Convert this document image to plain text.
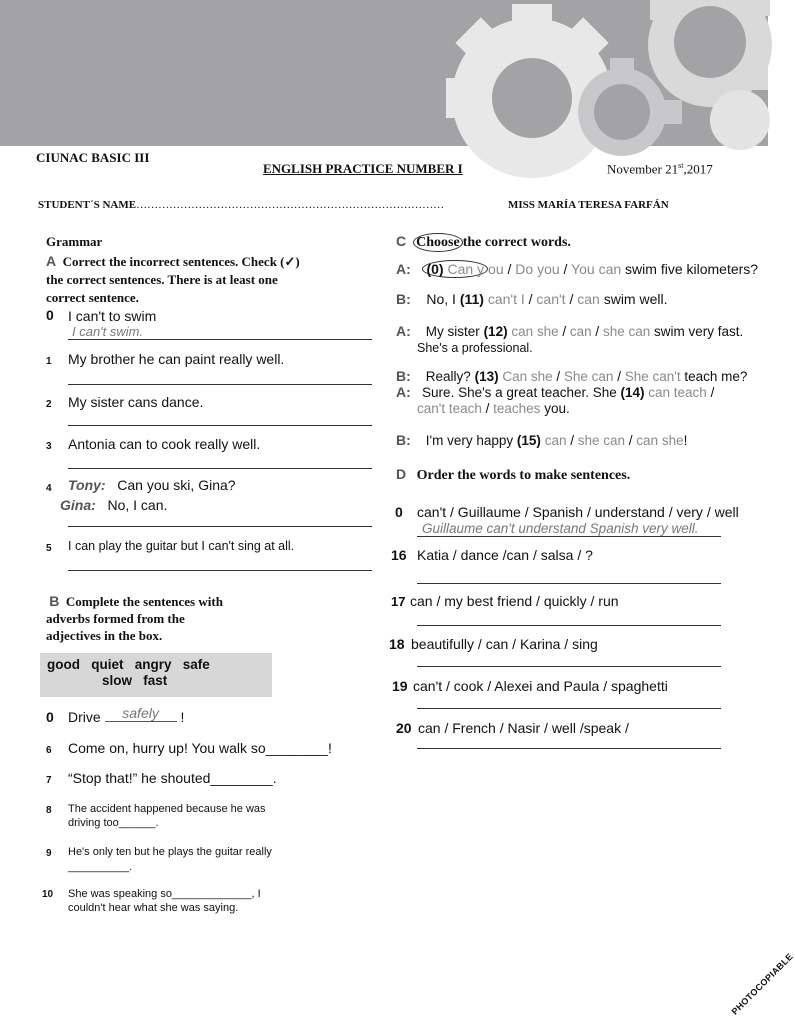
CIUNAC BASIC III
ENGLISH PRACTICE NUMBER I	November 21st,2017
STUDENT´S NAME…………………………………………………………………………	MISS MARÍA TERESA FARFÁN
Grammar
A Correct the incorrect sentences. Check (✓)
the correct sentences. There is at least one
correct sentence.
0 I can't to swim
I can't swim.
1 My brother he can paint really well.
2 My sister cans dance.
3 Antonia can to cook really well.
4 Tony: Can you ski, Gina?
Gina: No, I can.
5 I can play the guitar but I can't sing at all.
B Complete the sentences with
adverbs formed from the
adjectives in the box.
good   quiet   angry   safe
slow   fast
0 Drive safely !
6 Come on, hurry up! You walk so________!
7 “Stop that!” he shouted________.
8 The accident happened because he was
driving too______.
9 He's only ten but he plays the guitar really
__________.
10 She was speaking so_____________, I
couldn't hear what she was saying.
C Choose the correct words.
A: (0) Can y ou / Do you / You can swim five kilometers?
B: No, I (11) can't I / can't / can swim well.
A: My sister (12) can she / can / she can swim very fast.
She's a professional.
B: Really? (13) Can she / She can / She can't teach me?
A: Sure. She's a great teacher. She (14) can teach /
can't teach / teaches you.
B: I'm very happy (15) can / she can / can she!
D Order the words to make sentences.
0 can't / Guillaume / Spanish / understand / very / well
Guillaume can't understand Spanish very well.
16 Katia / dance /can / salsa / ?
17 can / my best friend / quickly / run
18 beautifully / can / Karina / sing
19 can't / cook / Alexei and Paula / spaghetti
20 can / French / Nasir / well /speak /
PHOTOCOPIABLE
